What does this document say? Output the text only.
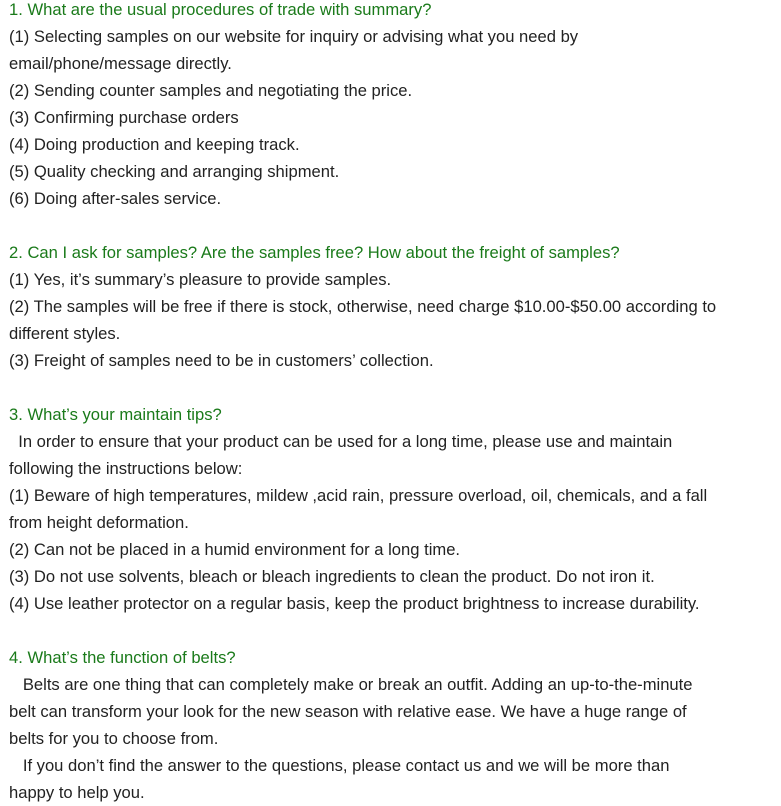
1. What are the usual procedures of trade with summary?

(1) Selecting samples on our website for inquiry or advising what you need by

email/phone/message directly.

(2) Sending counter samples and negotiating the price.

(3) Confirming purchase orders

(4) Doing production and keeping track.

(5) Quality checking and arranging shipment.

(6) Doing after-sales service.

2. Can I ask for samples? Are the samples free? How about the freight of samples?

(1) Yes, it’s summary’s pleasure to provide samples.

(2) The samples will be free if there is stock, otherwise, need charge $10.00-$50.00 according to

different styles.

(3) Freight of samples need to be in customers’ collection.

3. What’s your maintain tips?

In order to ensure that your product can be used for a long time, please use and maintain

following the instructions below:

(1) Beware of high temperatures, mildew ,acid rain, pressure overload, oil, chemicals, and a fall

from height deformation.

(2) Can not be placed in a humid environment for a long time.

(3) Do not use solvents, bleach or bleach ingredients to clean the product. Do not iron it.

(4) Use leather protector on a regular basis, keep the product brightness to increase durability.

4. What’s the function of belts?

Belts are one thing that can completely make or break an outfit. Adding an up-to-the-minute

belt can transform your look for the new season with relative ease. We have a huge range of

belts for you to choose from.

If you don’t find the answer to the questions, please contact us and we will be more than

happy to help you.
